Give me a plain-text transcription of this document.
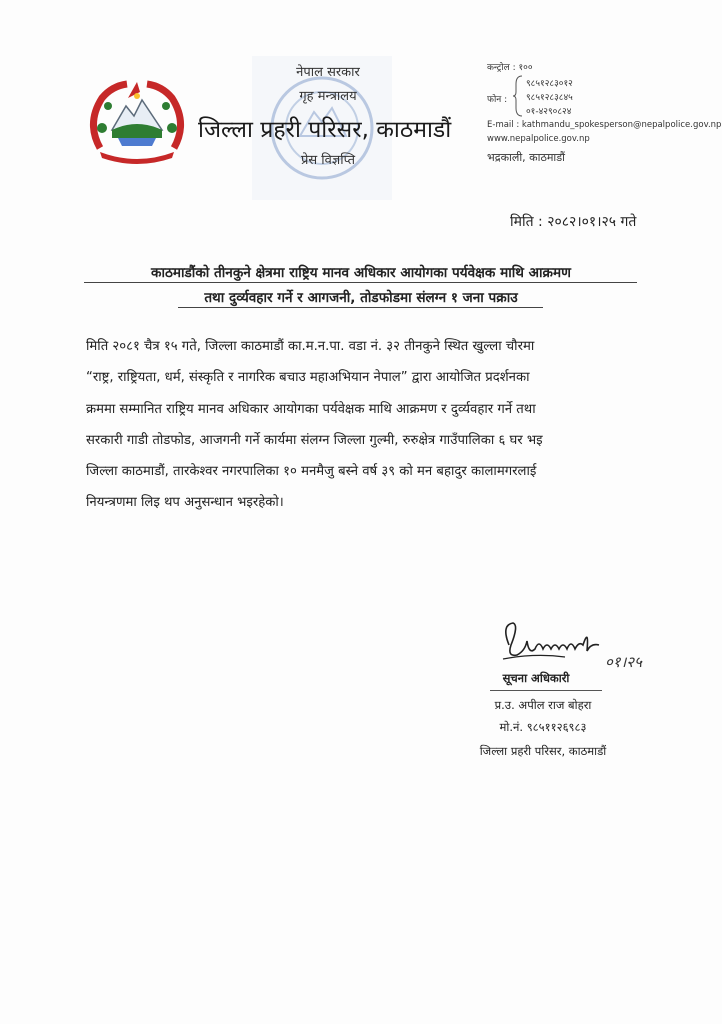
नेपाल सरकार
गृह मन्त्रालय
जिल्ला प्रहरी परिसर, काठमाडौं
प्रेस विज्ञप्ति
कन्ट्रोल : १००
फोन :
९८५१२८३०१२
९८५१२८३८४५
०१-४२९०८२४
E-mail : kathmandu_spokesperson@nepalpolice.gov.np
www.nepalpolice.gov.np
भद्रकाली, काठमाडौं
मिति : २०८२।०१।२५ गते
काठमाडौंको तीनकुने क्षेत्रमा राष्ट्रिय मानव अधिकार आयोगका पर्यवेक्षक माथि आक्रमण
तथा दुर्व्यवहार गर्ने र आगजनी, तोडफोडमा संलग्न १ जना पक्राउ
मिति २०८१ चैत्र १५ गते, जिल्ला काठमाडौं का.म.न.पा. वडा नं. ३२ तीनकुने स्थित खुल्ला चौरमा
“राष्ट्र, राष्ट्रियता, धर्म, संस्कृति र नागरिक बचाउ महाअभियान नेपाल” द्वारा आयोजित प्रदर्शनका
क्रममा सम्मानित राष्ट्रिय मानव अधिकार आयोगका पर्यवेक्षक माथि आक्रमण र दुर्व्यवहार गर्ने तथा
सरकारी गाडी तोडफोड, आजगनी गर्ने कार्यमा संलग्न जिल्ला गुल्मी, रुरुक्षेत्र गाउँपालिका ६ घर भइ
जिल्ला काठमाडौं, तारकेश्वर नगरपालिका १० मनमैजु बस्ने वर्ष ३९ को मन बहादुर कालामगरलाई
नियन्त्रणमा लिइ थप अनुसन्धान भइरहेको।
०१।२५
सूचना अधिकारी
प्र.उ. अपील राज बोहरा
मो.नं. ९८५११२६९८३
जिल्ला प्रहरी परिसर, काठमाडौं
